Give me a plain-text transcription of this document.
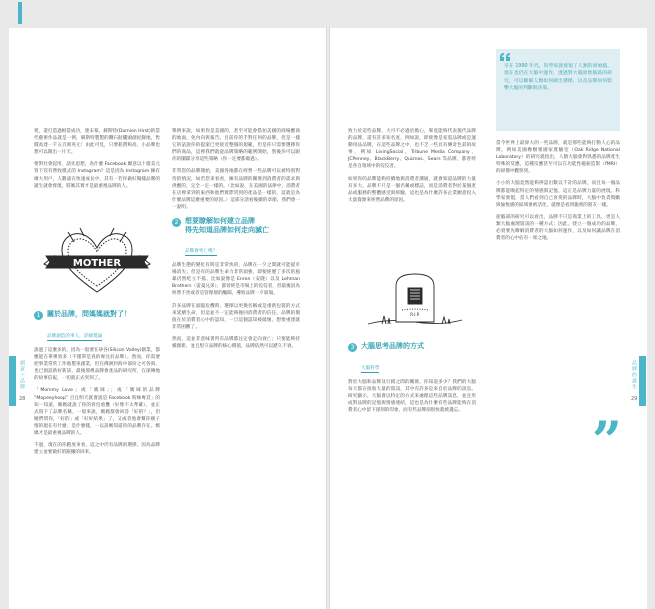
創意＋品牌
28
品牌的誕生
29

愛，還打造過相當成功，連末慕，赫斯特(Damien Hirst)的當代藝術作品就是一例，赫斯特製製的鑽石骷髏頭創紀錄地，售價高達一千五百萬英元！由此可見，只要耗費夠高，小品牌也想可以開出一片天。

要對社會起用，請先思想，為什麼 Facebook 願意以十億美元買下沒有營收模式的 Instagram？這是因為 Instagram 擁有廣大用戶，人數遠在快速成長中，其有一若你做好獨樣品牌的誕生就會發現，將媽其實才是最重視品牌的人。

MOTHER
1 關於品牌，問媽媽就對了！
品牌創造的事人，詳細實論

說過了這麼多的，因為一般要在矽谷(Silicon Valley)創業，都應能在單裡效多（不僅單是真的專注於品牌）。然而，你需要把事業常常工作地製來創業，但在佛洲封海中部份之可各與，也已預設新好新該，最後那裡品牌會產品的研究所，在深傳地的故事信報，一切就正式突刻了。

「Mommy Love」或「媽咪」；或「媽咪的品牌 “Mopeeyhoop” 百且明天就會說是 Facebook 粉絲專頁」的知一知道，媽媽就說了你的背包重疊（好像不太準確），並正式寫下了品牌名稱，一般來說，媽媽都會回答「好的？」，但她們問你，「好的」或「好好結果」了，又或者他會幫你剔子情的現在有什麼，是什麼樣，一以訴媽知道你的品牌存在。媽媽才是最重視品牌的人。

不過，現在的你跑度來看，這之中仍有品牌的選擇，因為品牌建立並要做好的跟據的回來。

舉例來說，如果你是美國的，甚至可能會搭拍美國的商場應商的地面，免內向與報告。目前你的手對任何的品牌，但是一樣它的話說你的提案已更接近整個的規範，但是你只需要選擇你們的商品，這裡我們就從品牌策略的範例開始，然後你可以跟你的團隊分享這些策略（你一定要都做過）。

非常您的品牌開始，美國各地都在經營一些品牌可以被特別對待的情況，如若您來看看，擁有品牌的關係到消費者的需求與供應的，完全一定一樣的。（比如說，在美國的法律中，消費者在店裡拿到的東西和他們實際買到的產品是一樣的，這就是為什麼品牌這麼重要的原因。）這部分請看後續的章節，我們會一一說明。

2 想要瞭解如何建立品牌
得先知道品牌如何走向滅亡
品牌會死亡嗎？

品牌生態的變化有時是非常快的，品牌在一夕之間就可能從市場消失；但是有的品牌生命力非常頑強，即使經歷了多次的風暴仍然屹立不搖。比如說像是 Enron（安隆）以及 Lehman Brothers（雷曼兄弟），都曾經是市場上的佼佼者，但最後因為經營不善或者是管理層的醜聞，導致品牌一夕崩塌。

許多品牌在面臨危機時，選擇以更換名稱或是重新包裝的方式來延續生命，但這並不一定能夠挽回消費者的信任。品牌的價值在於消費者心中的認知，一旦這個認知被破壞，想要重建就非常困難了。

然而，這並非意味著所有品牌都注定會走向衰亡；只要能夠持續創新，並且堅守品牌的核心價值，品牌依然可以歷久不衰。

致力於這些品牌，大可不必過於擔心，畢竟能夠代表現代品牌的品牌，還有許多知名度，例如說，即使像是家電品牌或是運動用品品牌，在這些品牌之中，也不乏一些具有傳奇色彩的故事，例如 LivingSocial、Tribune Media Company、JCPenney、BlackBerry、Quiznos、Sears 等品牌，都曾經是各自領域中的佼佼者。

如果你的品牌能夠持續地與消費者溝通，就會知道品牌的力量有多大。品牌不只是一個名稱或標誌，而是消費者對於某個產品或服務的整體感受與經驗，這也是為什麼許多企業願意投入大量資源來經營品牌的原因。

R.I.P.
3 大腦思考品牌的方式
大腦科學

對於大腦和品牌及行銷之間的關係，你知道多少？我們的大腦每天都在接收大量的資訊，其中有許多是來自於品牌的訊息。研究顯示，大腦會以特定的方式來處理這些品牌訊息，並且形成對品牌的記憶與情感連結，這也是為什麼有些品牌能夠在消費者心中留下深刻的印象，而有些品牌卻很快就被遺忘。

早在 1990 年代，科學家就發現了人類的原始腦，現在也仍在大腦中運作，透過對大腦原始腦區的研究，可以瞭解人類如何做出選擇，以及品牌如何影響大腦的判斷與決策。

當今世界上最偉大的一些品牌，就是那些能夠打動人心的品牌。例如美國橡樹嶺國家實驗室（Oak Ridge National Laboratory）的研究就指出，人類大腦會對熟悉的品牌產生特殊的反應，這種反應甚至可以在功能性磁振造影（fMRI）的掃描中觀察到。

小小的大腦竟然能夠辨認出數以千計的品牌，而且每一個品牌都能喚起特定的情感與記憶，這正是品牌力量的展現。科學家發現，當人們看到自己喜愛的品牌時，大腦中負責獎勵與愉悅感的區域會被活化，就像是看到親密的朋友一樣。

從腦部的研究可以看出，品牌不只是商業上的工具，更是人類大腦處理資訊的一種方式；因此，建立一個成功的品牌，必須要先瞭解消費者的大腦如何運作，以及如何讓品牌在消費者的心中佔有一席之地。

”
